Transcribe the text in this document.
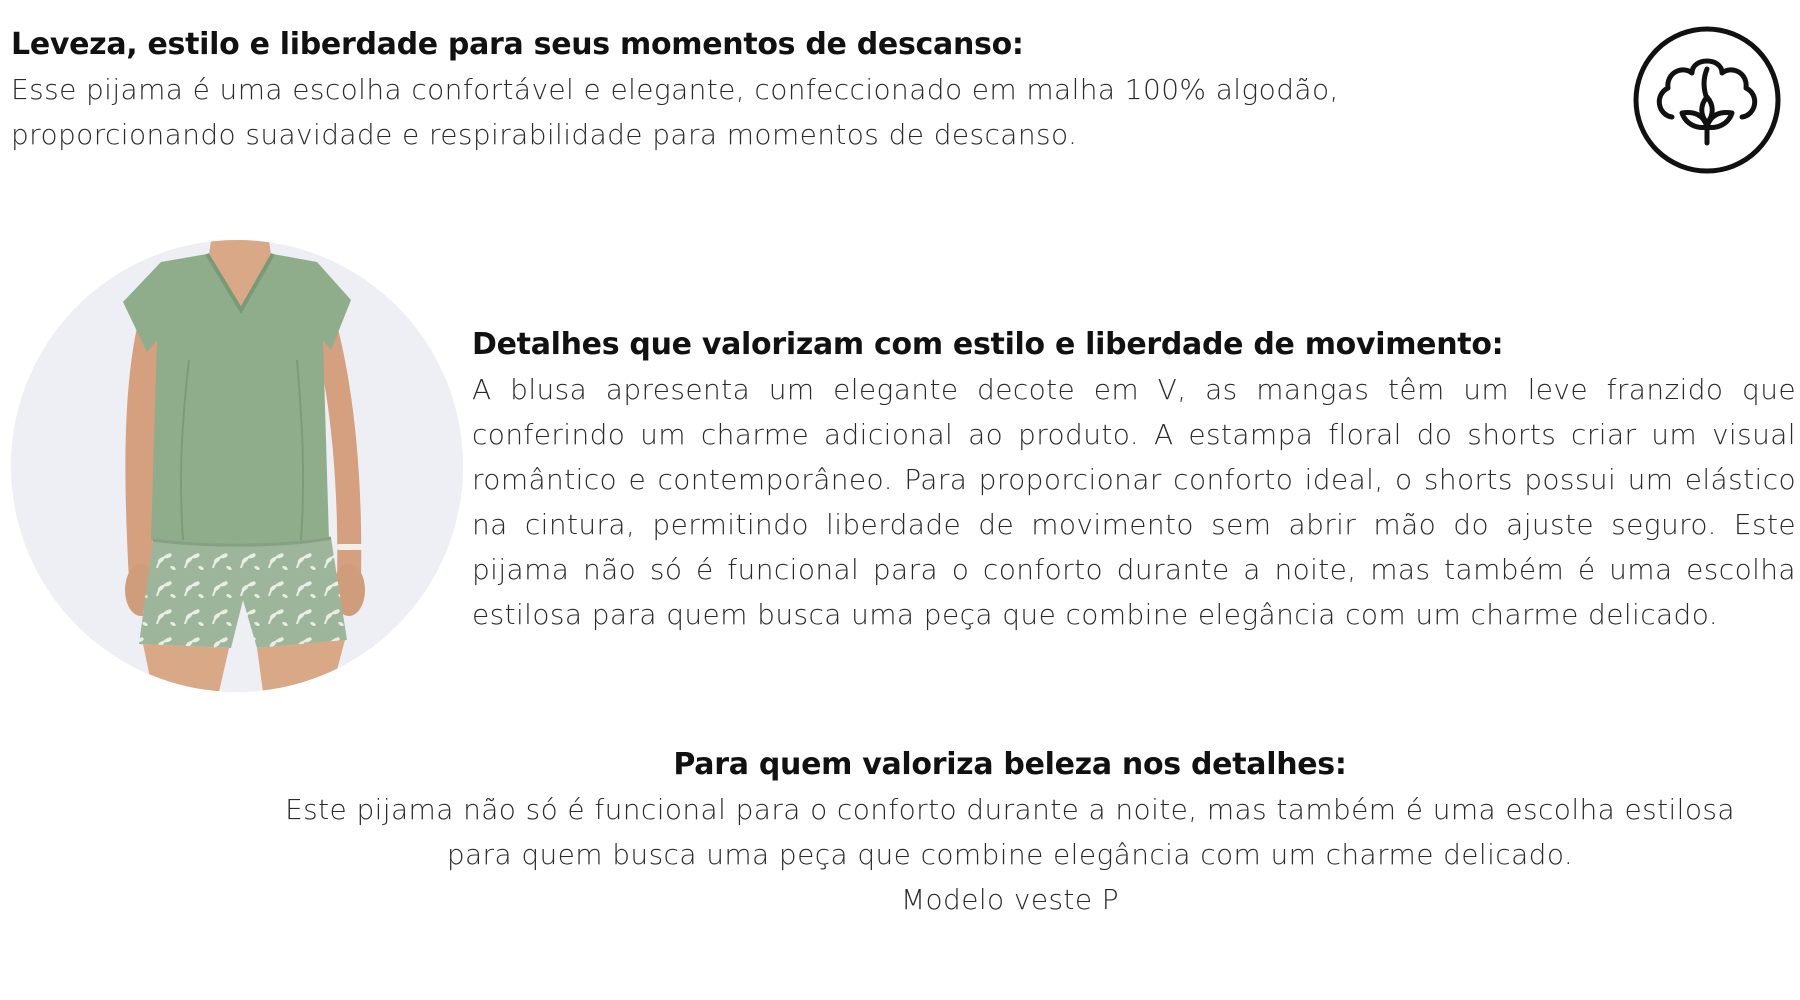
Leveza, estilo e liberdade para seus momentos de descanso:
Esse pijama é uma escolha confortável e elegante, confeccionado em malha 100% algodão, proporcionando suavidade e respirabilidade para momentos de descanso.
Detalhes que valorizam com estilo e liberdade de movimento:
A blusa apresenta um elegante decote em V, as mangas têm um leve franzido que conferindo um charme adicional ao produto. A estampa floral do shorts criar um visual romântico e contemporâneo. Para proporcionar conforto ideal, o shorts possui um elástico na cintura, permitindo liberdade de movimento sem abrir mão do ajuste seguro. Este pijama não só é funcional para o conforto durante a noite, mas também é uma escolha estilosa para quem busca uma peça que combine elegância com um charme delicado.
Para quem valoriza beleza nos detalhes:
Este pijama não só é funcional para o conforto durante a noite, mas também é uma escolha estilosa
para quem busca uma peça que combine elegância com um charme delicado.
Modelo veste P
